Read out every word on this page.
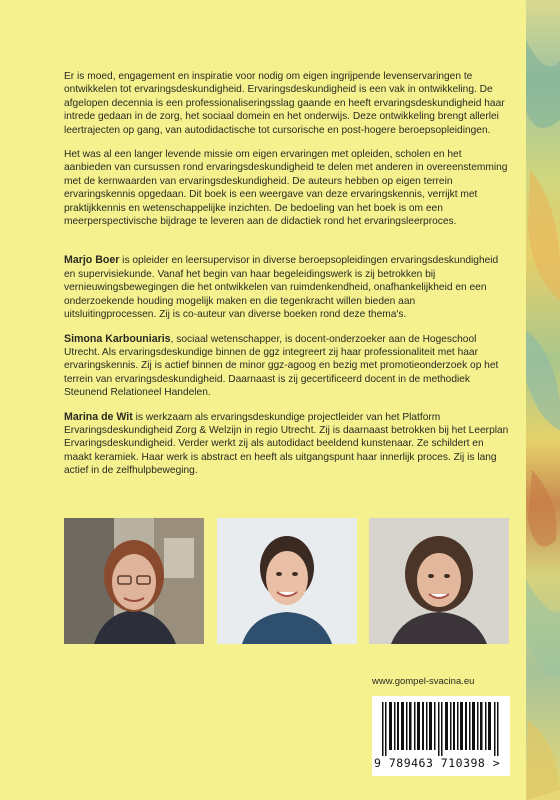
Er is moed, engagement en inspiratie voor nodig om eigen ingrijpende levenservaringen te ontwikkelen tot ervaringsdeskundigheid. Ervaringsdeskundigheid is een vak in ontwikkeling. De afgelopen decennia is een professionaliseringsslag gaande en heeft ervaringsdeskundigheid haar intrede gedaan in de zorg, het sociaal domein en het onderwijs. Deze ontwikkeling brengt allerlei leertrajecten op gang, van autodidactische tot cursorische en post-hogere beroepsopleidingen.

Het was al een langer levende missie om eigen ervaringen met opleiden, scholen en het aanbieden van cursussen rond ervaringsdeskundigheid te delen met anderen in overeenstemming met de kernwaarden van ervaringsdeskundigheid. De auteurs hebben op eigen terrein ervaringskennis opgedaan. Dit boek is een weergave van deze ervaringskennis, verrijkt met praktijkkennis en wetenschappelijke inzichten. De bedoeling van het boek is om een meerperspectivische bijdrage te leveren aan de didactiek rond het ervaringsleerproces.

Marjo Boer is opleider en leersupervisor in diverse beroepsopleidingen ervaringsdeskundigheid en supervisiekunde. Vanaf het begin van haar begeleidingswerk is zij betrokken bij vernieuwingsbewegingen die het ontwikkelen van ruimdenkendheid, onafhankelijkheid en een onderzoekende houding mogelijk maken en die tegenkracht willen bieden aan uitsluitingprocessen. Zij is co-auteur van diverse boeken rond deze thema's.

Simona Karbouniaris, sociaal wetenschapper, is docent-onderzoeker aan de Hogeschool Utrecht. Als ervaringsdeskundige binnen de ggz integreert zij haar professionaliteit met haar ervaringskennis. Zij is actief binnen de minor ggz-agoog en bezig met promotieonderzoek op het terrein van ervaringsdeskundigheid. Daarnaast is zij gecertificeerd docent in de methodiek Steunend Relationeel Handelen.

Marina de Wit is werkzaam als ervaringsdeskundige projectleider van het Platform Ervaringsdeskundigheid Zorg & Welzijn in regio Utrecht. Zij is daarnaast betrokken bij het Leerplan Ervaringsdeskundigheid. Verder werkt zij als autodidact beeldend kunstenaar. Ze schildert en maakt keramiek. Haar werk is abstract en heeft als uitgangspunt haar innerlijk proces. Zij is lang actief in de zelfhulpbeweging.

www.gompel-svacina.eu
9 789463 710398 >
